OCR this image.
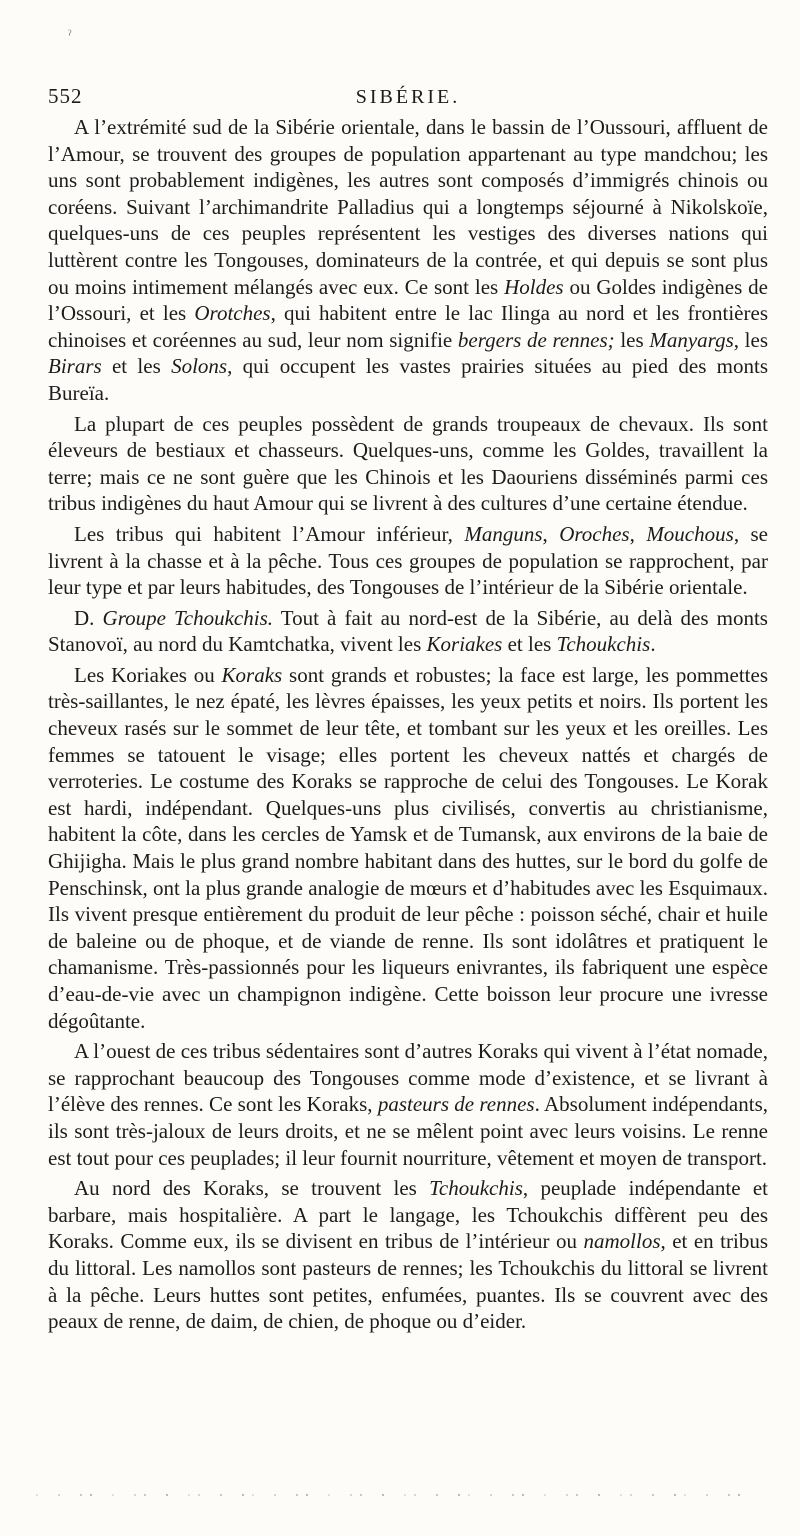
ˀ
552	SIBÉRIE.

A l’extrémité sud de la Sibérie orientale, dans le bassin de l’Oussouri, affluent de l’Amour, se trouvent des groupes de population appartenant au type mandchou; les uns sont probablement indigènes, les autres sont composés d’immigrés chinois ou coréens. Suivant l’archimandrite Palladius qui a longtemps séjourné à Nikolskoïe, quelques-uns de ces peuples représentent les vestiges des diverses nations qui luttèrent contre les Tongouses, dominateurs de la contrée, et qui depuis se sont plus ou moins intimement mélangés avec eux. Ce sont les Holdes ou Goldes indigènes de l’Ossouri, et les Orotches, qui habitent entre le lac Ilinga au nord et les frontières chinoises et coréennes au sud, leur nom signifie bergers de rennes; les Manyargs, les Birars et les Solons, qui occupent les vastes prairies situées au pied des monts Bureïa.

La plupart de ces peuples possèdent de grands troupeaux de chevaux. Ils sont éleveurs de bestiaux et chasseurs. Quelques-uns, comme les Goldes, travaillent la terre; mais ce ne sont guère que les Chinois et les Daouriens disséminés parmi ces tribus indigènes du haut Amour qui se livrent à des cultures d’une certaine étendue.

Les tribus qui habitent l’Amour inférieur, Manguns, Oroches, Mouchous, se livrent à la chasse et à la pêche. Tous ces groupes de population se rapprochent, par leur type et par leurs habitudes, des Tongouses de l’intérieur de la Sibérie orientale.

D. Groupe Tchoukchis. Tout à fait au nord-est de la Sibérie, au delà des monts Stanovoï, au nord du Kamtchatka, vivent les Koriakes et les Tchoukchis.

Les Koriakes ou Koraks sont grands et robustes; la face est large, les pommettes très-saillantes, le nez épaté, les lèvres épaisses, les yeux petits et noirs. Ils portent les cheveux rasés sur le sommet de leur tête, et tombant sur les yeux et les oreilles. Les femmes se tatouent le visage; elles portent les cheveux nattés et chargés de verroteries. Le costume des Koraks se rapproche de celui des Tongouses. Le Korak est hardi, indépendant. Quelques-uns plus civilisés, convertis au christianisme, habitent la côte, dans les cercles de Yamsk et de Tumansk, aux environs de la baie de Ghijigha. Mais le plus grand nombre habitant dans des huttes, sur le bord du golfe de Penschinsk, ont la plus grande analogie de mœurs et d’habitudes avec les Esquimaux. Ils vivent presque entièrement du produit de leur pêche : poisson séché, chair et huile de baleine ou de phoque, et de viande de renne. Ils sont idolâtres et pratiquent le chamanisme. Très-passionnés pour les liqueurs enivrantes, ils fabriquent une espèce d’eau-de-vie avec un champignon indigène. Cette boisson leur procure une ivresse dégoûtante.

A l’ouest de ces tribus sédentaires sont d’autres Koraks qui vivent à l’état nomade, se rapprochant beaucoup des Tongouses comme mode d’existence, et se livrant à l’élève des rennes. Ce sont les Koraks, pasteurs de rennes. Absolument indépendants, ils sont très-jaloux de leurs droits, et ne se mêlent point avec leurs voisins. Le renne est tout pour ces peuplades; il leur fournit nourriture, vêtement et moyen de transport.

Au nord des Koraks, se trouvent les Tchoukchis, peuplade indépendante et barbare, mais hospitalière. A part le langage, les Tchoukchis diffèrent peu des Koraks. Comme eux, ils se divisent en tribus de l’intérieur ou namollos, et en tribus du littoral. Les namollos sont pasteurs de rennes; les Tchoukchis du littoral se livrent à la pêche. Leurs huttes sont petites, enfumées, puantes. Ils se couvrent avec des peaux de renne, de daim, de chien, de phoque ou d’eider.
